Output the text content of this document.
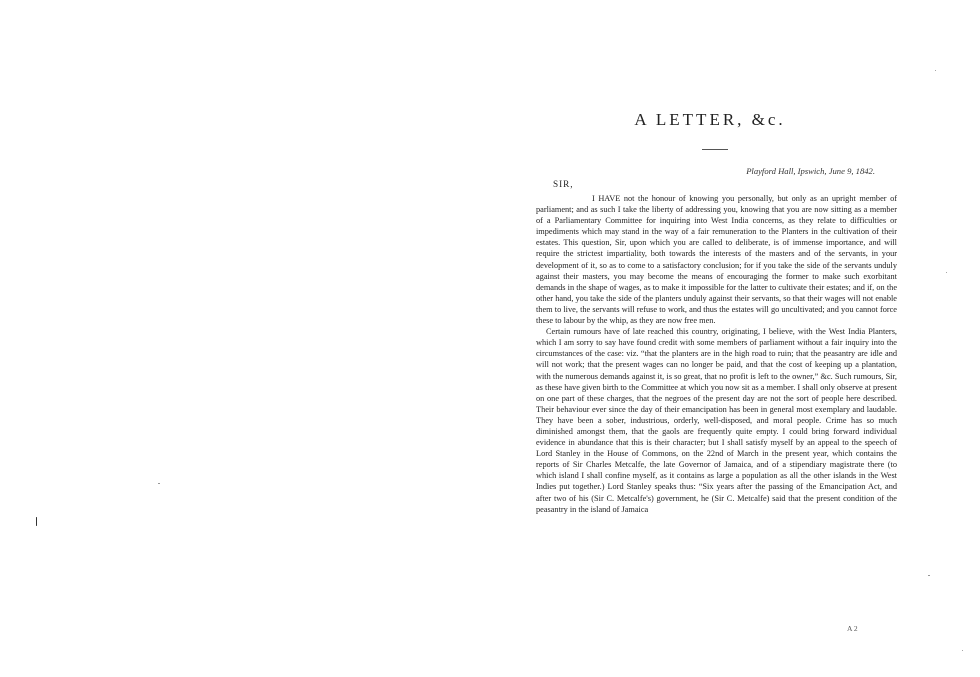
A LETTER, &c.
Playford Hall, Ipswich, June 9, 1842.
SIR,

I HAVE not the honour of knowing you personally, but only as an upright member of parliament; and as such I take the liberty of addressing you, knowing that you are now sitting as a member of a Parliamentary Committee for inquiring into West India concerns, as they relate to difficulties or impediments which may stand in the way of a fair remuneration to the Planters in the cultivation of their estates. This question, Sir, upon which you are called to deliberate, is of immense importance, and will require the strictest impartiality, both towards the interests of the masters and of the servants, in your development of it, so as to come to a satisfactory conclusion; for if you take the side of the servants unduly against their masters, you may become the means of encouraging the former to make such exorbitant demands in the shape of wages, as to make it impossible for the latter to cultivate their estates; and if, on the other hand, you take the side of the planters unduly against their servants, so that their wages will not enable them to live, the servants will refuse to work, and thus the estates will go uncultivated; and you cannot force these to labour by the whip, as they are now free men.

Certain rumours have of late reached this country, originating, I believe, with the West India Planters, which I am sorry to say have found credit with some members of parliament without a fair inquiry into the circumstances of the case: viz. “that the planters are in the high road to ruin; that the peasantry are idle and will not work; that the present wages can no longer be paid, and that the cost of keeping up a plantation, with the numerous demands against it, is so great, that no profit is left to the owner,” &c. Such rumours, Sir, as these have given birth to the Committee at which you now sit as a member. I shall only observe at present on one part of these charges, that the negroes of the present day are not the sort of people here described. Their behaviour ever since the day of their emancipation has been in general most exemplary and laudable. They have been a sober, industrious, orderly, well-disposed, and moral people. Crime has so much diminished amongst them, that the gaols are frequently quite empty. I could bring forward individual evidence in abundance that this is their character; but I shall satisfy myself by an appeal to the speech of Lord Stanley in the House of Commons, on the 22nd of March in the present year, which contains the reports of Sir Charles Metcalfe, the late Governor of Jamaica, and of a stipendiary magistrate there (to which island I shall confine myself, as it contains as large a population as all the other islands in the West Indies put together.) Lord Stanley speaks thus: “Six years after the passing of the Emancipation Act, and after two of his (Sir C. Metcalfe's) government, he (Sir C. Metcalfe) said that the present condition of the peasantry in the island of Jamaica

A 2
